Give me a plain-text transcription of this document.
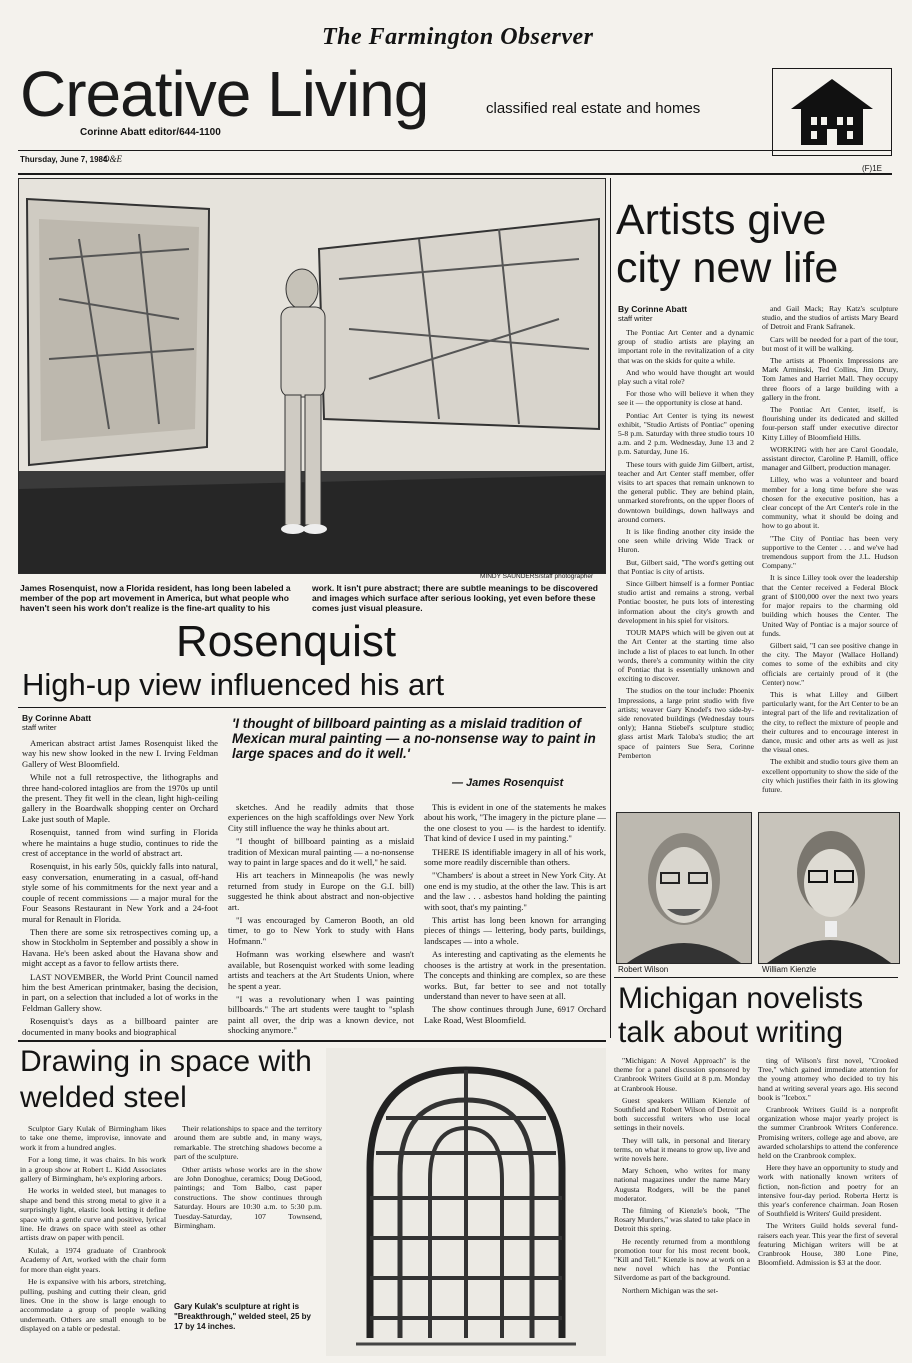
The Farmington Observer
Creative Living	classified real estate and homes
Corinne Abatt editor/644-1100
Thursday, June 7, 1984
O&E
(F)1E
MINDY SAUNDERS/staff photographer
James Rosenquist, now a Florida resident, has long been labeled a member of the pop art movement in America, but what people who haven't seen his work don't realize is the fine-art quality to his
work. It isn't pure abstract; there are subtle meanings to be discovered and images which surface after serious looking, yet even before these comes just visual pleasure.
Rosenquist
High-up view influenced his art
By Corinne Abatt
staff writer	'I thought of billboard painting as a mislaid tradition of Mexican mural painting — a no-nonsense way to paint in large spaces and do it well.'
— James Rosenquist

American abstract artist James Rosenquist liked the way his new show looked in the new I. Irving Feldman Gallery of West Bloomfield.

While not a full retrospective, the lithographs and three hand-colored intaglios are from the 1970s up until the present. They fit well in the clean, light high-ceiling gallery in the Boardwalk shopping center on Orchard Lake just south of Maple.

Rosenquist, tanned from wind surfing in Florida where he maintains a huge studio, continues to ride the crest of acceptance in the world of abstract art.

Rosenquist, in his early 50s, quickly falls into natural, easy conversation, enumerating in a casual, off-hand style some of his commitments for the next year and a couple of recent commissions — a major mural for the Four Seasons Restaurant in New York and a 24-foot mural for Renault in Florida.

Then there are some six retrospectives coming up, a show in Stockholm in September and possibly a show in Havana. He's been asked about the Havana show and might accept as a favor to fellow artists there.

LAST NOVEMBER, the World Print Council named him the best American printmaker, basing the decision, in part, on a selection that included a lot of works in the Feldman Gallery show.

Rosenquist's days as a billboard painter are documented in many books and biographical

sketches. And he readily admits that those experiences on the high scaffoldings over New York City still influence the way he thinks about art.

"I thought of billboard painting as a mislaid tradition of Mexican mural painting — a no-nonsense way to paint in large spaces and do it well," he said.

His art teachers in Minneapolis (he was newly returned from study in Europe on the G.I. bill) suggested he think about abstract and non-objective art.

"I was encouraged by Cameron Booth, an old timer, to go to New York to study with Hans Hofmann."

Hofmann was working elsewhere and wasn't available, but Rosenquist worked with some leading artists and teachers at the Art Students Union, where he spent a year.

"I was a revolutionary when I was painting billboards." The art students were taught to "splash paint all over, the drip was a known device, not shocking anymore."

This is evident in one of the statements he makes about his work, "The imagery in the picture plane — the one closest to you — is the hardest to identify. That kind of device I used in my painting."

THERE IS identifiable imagery in all of his work, some more readily discernible than others.

"'Chambers' is about a street in New York City. At one end is my studio, at the other the law. This is art and the law . . . asbestos hand holding the painting with soot, that's my painting."

This artist has long been known for arranging pieces of things — lettering, body parts, buildings, landscapes — into a whole.

As interesting and captivating as the elements he chooses is the artistry at work in the presentation. The concepts and thinking are complex, so are these works. But, far better to see and not totally understand than never to have seen at all.

The show continues through June, 6917 Orchard Lake Road, West Bloomfield.

Artists give city new life
By Corinne Abatt
staff writer

The Pontiac Art Center and a dynamic group of studio artists are playing an important role in the revitalization of a city that was on the skids for quite a while.

And who would have thought art would play such a vital role?

For those who will believe it when they see it — the opportunity is close at hand.

Pontiac Art Center is tying its newest exhibit, "Studio Artists of Pontiac" opening 5-8 p.m. Saturday with three studio tours 10 a.m. and 2 p.m. Wednesday, June 13 and 2 p.m. Saturday, June 16.

These tours with guide Jim Gilbert, artist, teacher and Art Center staff member, offer visits to art spaces that remain unknown to the general public. They are behind plain, unmarked storefronts, on the upper floors of downtown buildings, down hallways and around corners.

It is like finding another city inside the one seen while driving Wide Track or Huron.

But, Gilbert said, "The word's getting out that Pontiac is city of artists.

Since Gilbert himself is a former Pontiac studio artist and remains a strong, verbal Pontiac booster, he puts lots of interesting information about the city's growth and development in his spiel for visitors.

TOUR MAPS which will be given out at the Art Center at the starting time also include a list of places to eat lunch. In other words, there's a community within the city of Pontiac that is essentially unknown and exciting to discover.

The studios on the tour include: Phoenix Impressions, a large print studio with five artists; weaver Gary Knodel's two side-by-side renovated buildings (Wednesday tours only); Hanna Stiebel's sculpture studio; glass artist Mark Taloba's studio; the art space of painters Sue Sera, Corinne Pemberton

and Gail Mack; Ray Katz's sculpture studio, and the studios of artists Mary Beard of Detroit and Frank Safranek.

Cars will be needed for a part of the tour, but most of it will be walking.

The artists at Phoenix Impressions are Mark Arminski, Ted Collins, Jim Drury, Tom James and Harriet Mall. They occupy three floors of a large building with a gallery in the front.

The Pontiac Art Center, itself, is flourishing under its dedicated and skilled four-person staff under executive director Kitty Lilley of Bloomfield Hills.

WORKING with her are Carol Goodale, assistant director, Caroline P. Hamill, office manager and Gilbert, production manager.

Lilley, who was a volunteer and board member for a long time before she was chosen for the executive position, has a clear concept of the Art Center's role in the community, what it should be doing and how to go about it.

"The City of Pontiac has been very supportive to the Center . . . and we've had tremendous support from the J.L. Hudson Company."

It is since Lilley took over the leadership that the Center received a Federal Block grant of $100,000 over the next two years for major repairs to the charming old building which houses the Center. The United Way of Pontiac is a major source of funds.

Gilbert said, "I can see positive change in the city. The Mayor (Wallace Holland) comes to some of the exhibits and city officials are certainly proud of it (the Center) now."

This is what Lilley and Gilbert particularly want, for the Art Center to be an integral part of the life and revitalization of the city, to reflect the mixture of people and their cultures and to encourage interest in dance, music and other arts as well as just the visual ones.

The exhibit and studio tours give them an excellent opportunity to show the side of the city which justifies their faith in its glowing future.

Robert Wilson	William Kienzle
Michigan novelists talk about writing

"Michigan: A Novel Approach" is the theme for a panel discussion sponsored by Cranbrook Writers Guild at 8 p.m. Monday at Cranbrook House.

Guest speakers William Kienzle of Southfield and Robert Wilson of Detroit are both successful writers who use local settings in their novels.

They will talk, in personal and literary terms, on what it means to grow up, live and write novels here.

Mary Schoen, who writes for many national magazines under the name Mary Augusta Rodgers, will be the panel moderator.

The filming of Kienzle's book, "The Rosary Murders," was slated to take place in Detroit this spring.

He recently returned from a monthlong promotion tour for his most recent book, "Kill and Tell." Kienzle is now at work on a new novel which has the Pontiac Silverdome as part of the background.

Northern Michigan was the set-

ting of Wilson's first novel, "Crooked Tree," which gained immediate attention for the young attorney who decided to try his hand at writing several years ago. His second book is "Icebox."

Cranbrook Writers Guild is a nonprofit organization whose major yearly project is the summer Cranbrook Writers Conference. Promising writers, college age and above, are awarded scholarships to attend the conference held on the Cranbrook complex.

Here they have an opportunity to study and work with nationally known writers of fiction, non-fiction and poetry for an intensive four-day period. Roberta Hertz is this year's conference chairman. Joan Rosen of Southfield is Writers' Guild president.

The Writers Guild holds several fund-raisers each year. This year the first of several featuring Michigan writers will be at Cranbrook House, 380 Lone Pine, Bloomfield. Admission is $3 at the door.

Drawing in space with welded steel

Sculptor Gary Kulak of Birmingham likes to take one theme, improvise, innovate and work it from a hundred angles.

For a long time, it was chairs. In his work in a group show at Robert L. Kidd Associates gallery of Birmingham, he's exploring arbors.

He works in welded steel, but manages to shape and bend this strong metal to give it a surprisingly light, elastic look letting it define space with a gentle curve and positive, lyrical line. He draws on space with steel as other artists draw on paper with pencil.

Kulak, a 1974 graduate of Cranbrook Academy of Art, worked with the chair form for more than eight years.

He is expansive with his arbors, stretching, pulling, pushing and cutting their clean, grid lines. One in the show is large enough to accommodate a group of people walking underneath. Others are small enough to be displayed on a table or pedestal.

Their relationships to space and the territory around them are subtle and, in many ways, remarkable. The stretching shadows become a part of the sculpture.

Other artists whose works are in the show are John Donoghue, ceramics; Doug DeGood, paintings; and Tom Balbo, cast paper constructions. The show continues through Saturday. Hours are 10:30 a.m. to 5:30 p.m. Tuesday-Saturday, 107 Townsend, Birmingham.

Gary Kulak's sculpture at right is "Breakthrough," welded steel, 25 by 17 by 14 inches.
